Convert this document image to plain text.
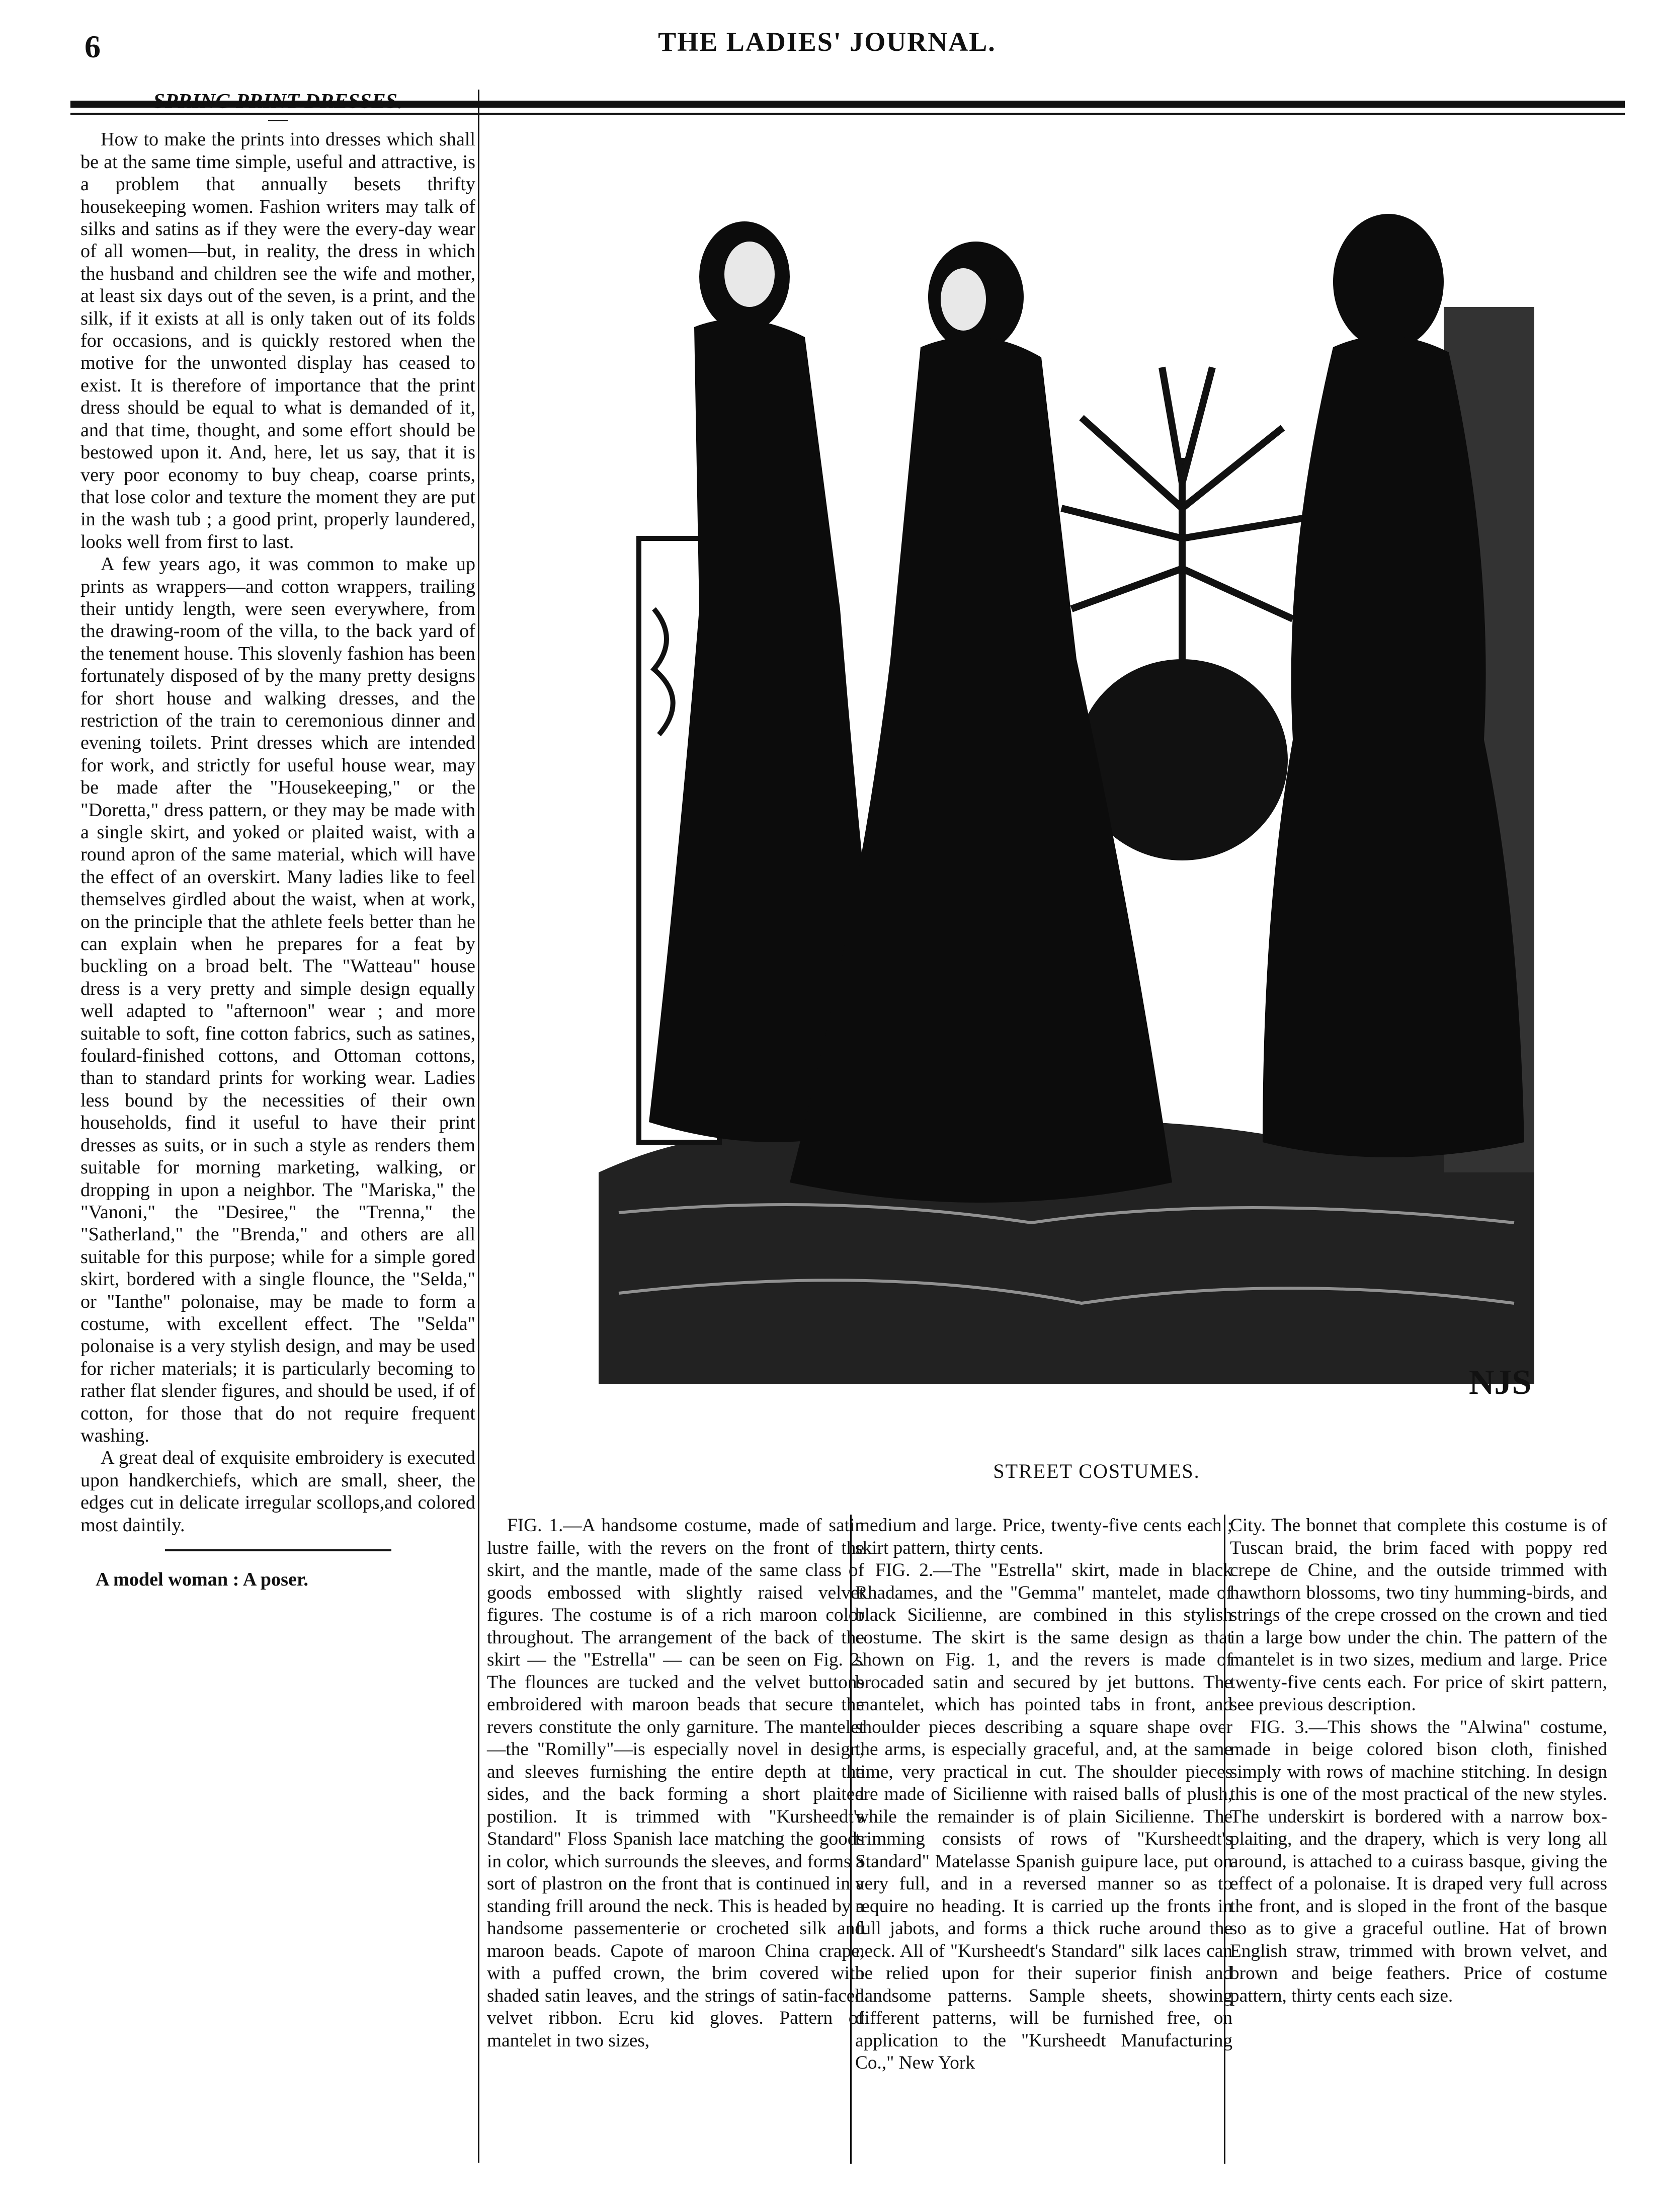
6	THE LADIES' JOURNAL.
SPRING PRINT DRESSES.

How to make the prints into dresses which shall be at the same time simple, useful and attractive, is a problem that annually besets thrifty housekeeping women. Fashion writers may talk of silks and satins as if they were the every-day wear of all women—but, in reality, the dress in which the husband and children see the wife and mother, at least six days out of the seven, is a print, and the silk, if it exists at all is only taken out of its folds for occasions, and is quickly restored when the motive for the unwonted display has ceased to exist. It is therefore of importance that the print dress should be equal to what is demanded of it, and that time, thought, and some effort should be bestowed upon it. And, here, let us say, that it is very poor economy to buy cheap, coarse prints, that lose color and texture the moment they are put in the wash tub ; a good print, properly laundered, looks well from first to last.

A few years ago, it was common to make up prints as wrappers—and cotton wrappers, trailing their untidy length, were seen everywhere, from the drawing-room of the villa, to the back yard of the tenement house. This slovenly fashion has been fortunately disposed of by the many pretty designs for short house and walking dresses, and the restriction of the train to ceremonious dinner and evening toilets. Print dresses which are intended for work, and strictly for useful house wear, may be made after the "Housekeeping," or the "Doretta," dress pattern, or they may be made with a single skirt, and yoked or plaited waist, with a round apron of the same material, which will have the effect of an overskirt. Many ladies like to feel themselves girdled about the waist, when at work, on the principle that the athlete feels better than he can explain when he prepares for a feat by buckling on a broad belt. The "Watteau" house dress is a very pretty and simple design equally well adapted to "afternoon" wear ; and more suitable to soft, fine cotton fabrics, such as satines, foulard-finished cottons, and Ottoman cottons, than to standard prints for working wear. Ladies less bound by the necessities of their own households, find it useful to have their print dresses as suits, or in such a style as renders them suitable for morning marketing, walking, or dropping in upon a neighbor. The "Mariska," the "Vanoni," the "Desiree," the "Trenna," the "Satherland," the "Brenda," and others are all suitable for this purpose; while for a simple gored skirt, bordered with a single flounce, the "Selda," or "Ianthe" polonaise, may be made to form a costume, with excellent effect. The "Selda" polonaise is a very stylish design, and may be used for richer materials; it is particularly becoming to rather flat slender figures, and should be used, if of cotton, for those that do not require frequent washing.

A great deal of exquisite embroidery is executed upon handkerchiefs, which are small, sheer, the edges cut in delicate irregular scollops,and colored most daintily.

A model woman : A poser.

NJS
STREET COSTUMES.

FIG. 1.—A handsome costume, made of satin lustre faille, with the revers on the front of the skirt, and the mantle, made of the same class of goods embossed with slightly raised velvet figures. The costume is of a rich maroon color throughout. The arrangement of the back of the skirt — the "Estrella" — can be seen on Fig. 2. The flounces are tucked and the velvet buttons embroidered with maroon beads that secure the revers constitute the only garniture. The mantelet —the "Romilly"—is especially novel in design, and sleeves furnishing the entire depth at the sides, and the back forming a short plaited postilion. It is trimmed with "Kursheedt's Standard" Floss Spanish lace matching the goods in color, which surrounds the sleeves, and forms a sort of plastron on the front that is continued in a standing frill around the neck. This is headed by a handsome passementerie or crocheted silk and maroon beads. Capote of maroon China crape, with a puffed crown, the brim covered with shaded satin leaves, and the strings of satin-faced velvet ribbon. Ecru kid gloves. Pattern of mantelet in two sizes,

medium and large. Price, twenty-five cents each ; skirt pattern, thirty cents.

FIG. 2.—The "Estrella" skirt, made in black Rhadames, and the "Gemma" mantelet, made of black Sicilienne, are combined in this stylish costume. The skirt is the same design as that shown on Fig. 1, and the revers is made of brocaded satin and secured by jet buttons. The mantelet, which has pointed tabs in front, and shoulder pieces describing a square shape over the arms, is especially graceful, and, at the same time, very practical in cut. The shoulder pieces are made of Sicilienne with raised balls of plush, while the remainder is of plain Sicilienne. The trimming consists of rows of "Kursheedt's Standard" Matelasse Spanish guipure lace, put on very full, and in a reversed manner so as to require no heading. It is carried up the fronts in full jabots, and forms a thick ruche around the neck. All of "Kursheedt's Standard" silk laces can be relied upon for their superior finish and handsome patterns. Sample sheets, showing different patterns, will be furnished free, on application to the "Kursheedt Manufacturing Co.," New York

City. The bonnet that complete this costume is of Tuscan braid, the brim faced with poppy red crepe de Chine, and the outside trimmed with hawthorn blossoms, two tiny humming-birds, and strings of the crepe crossed on the crown and tied in a large bow under the chin. The pattern of the mantelet is in two sizes, medium and large. Price twenty-five cents each. For price of skirt pattern, see previous description.

FIG. 3.—This shows the "Alwina" costume, made in beige colored bison cloth, finished simply with rows of machine stitching. In design this is one of the most practical of the new styles. The underskirt is bordered with a narrow box-plaiting, and the drapery, which is very long all around, is attached to a cuirass basque, giving the effect of a polonaise. It is draped very full across the front, and is sloped in the front of the basque so as to give a graceful outline. Hat of brown English straw, trimmed with brown velvet, and brown and beige feathers. Price of costume pattern, thirty cents each size.
